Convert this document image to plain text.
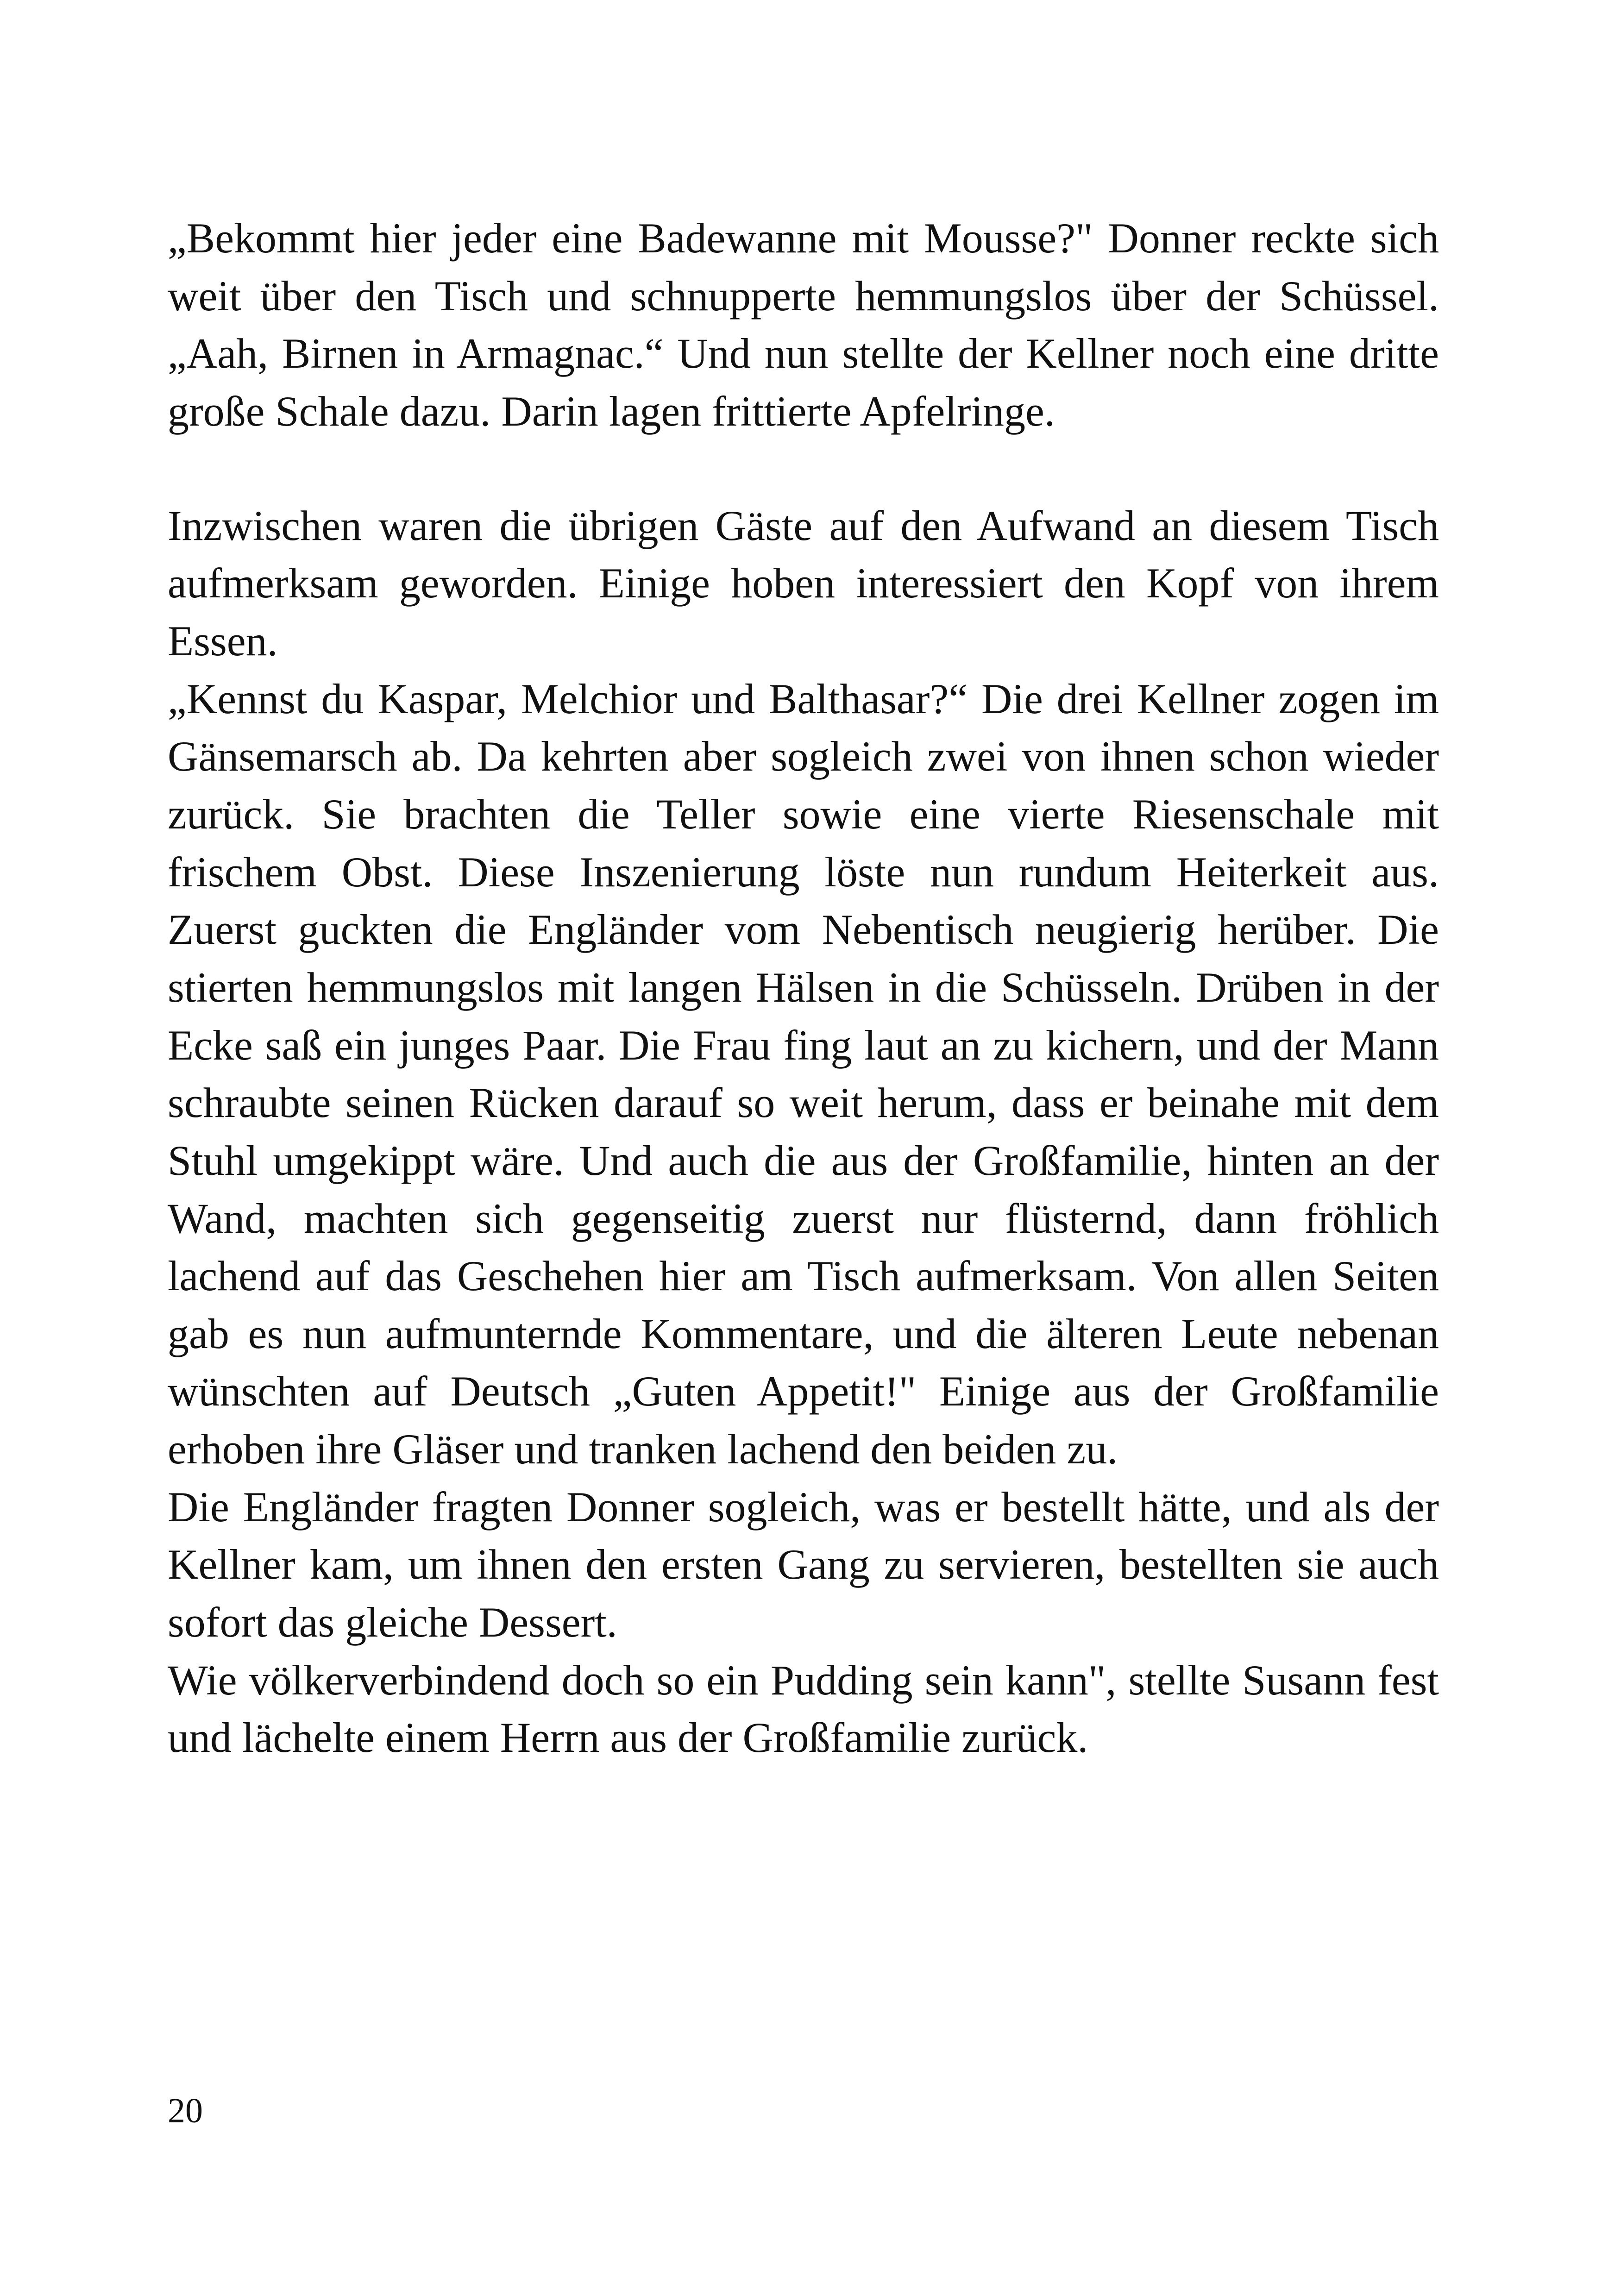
„Bekommt hier jeder eine Badewanne mit Mousse?" Donner reckte sich weit über den Tisch und schnupperte hemmungslos über der Schüssel. „Aah, Birnen in Armagnac.“ Und nun stellte der Kellner noch eine dritte große Schale dazu. Darin lagen frittierte Apfelringe.

Inzwischen waren die übrigen Gäste auf den Aufwand an diesem Tisch aufmerksam geworden. Einige hoben interessiert den Kopf von ihrem Essen.

„Kennst du Kaspar, Melchior und Balthasar?“ Die drei Kellner zogen im Gänsemarsch ab. Da kehrten aber sogleich zwei von ihnen schon wieder zurück. Sie brachten die Teller sowie eine vierte Riesenschale mit frischem Obst. Diese Inszenierung löste nun rundum Heiterkeit aus. Zuerst guckten die Engländer vom Nebentisch neugierig herüber. Die stierten hemmungslos mit langen Hälsen in die Schüsseln. Drüben in der Ecke saß ein junges Paar. Die Frau fing laut an zu kichern, und der Mann schraubte seinen Rücken darauf so weit herum, dass er beinahe mit dem Stuhl umgekippt wäre. Und auch die aus der Großfamilie, hinten an der Wand, machten sich gegenseitig zuerst nur flüsternd, dann fröhlich lachend auf das Geschehen hier am Tisch aufmerksam. Von allen Seiten gab es nun aufmunternde Kommentare, und die älteren Leute nebenan wünschten auf Deutsch „Guten Appetit!" Einige aus der Großfamilie erhoben ihre Gläser und tranken lachend den beiden zu.

Die Engländer fragten Donner sogleich, was er bestellt hätte, und als der Kellner kam, um ihnen den ersten Gang zu servieren, bestellten sie auch sofort das gleiche Dessert.

Wie völkerverbindend doch so ein Pudding sein kann", stellte Susann fest und lächelte einem Herrn aus der Großfamilie zurück.

20
